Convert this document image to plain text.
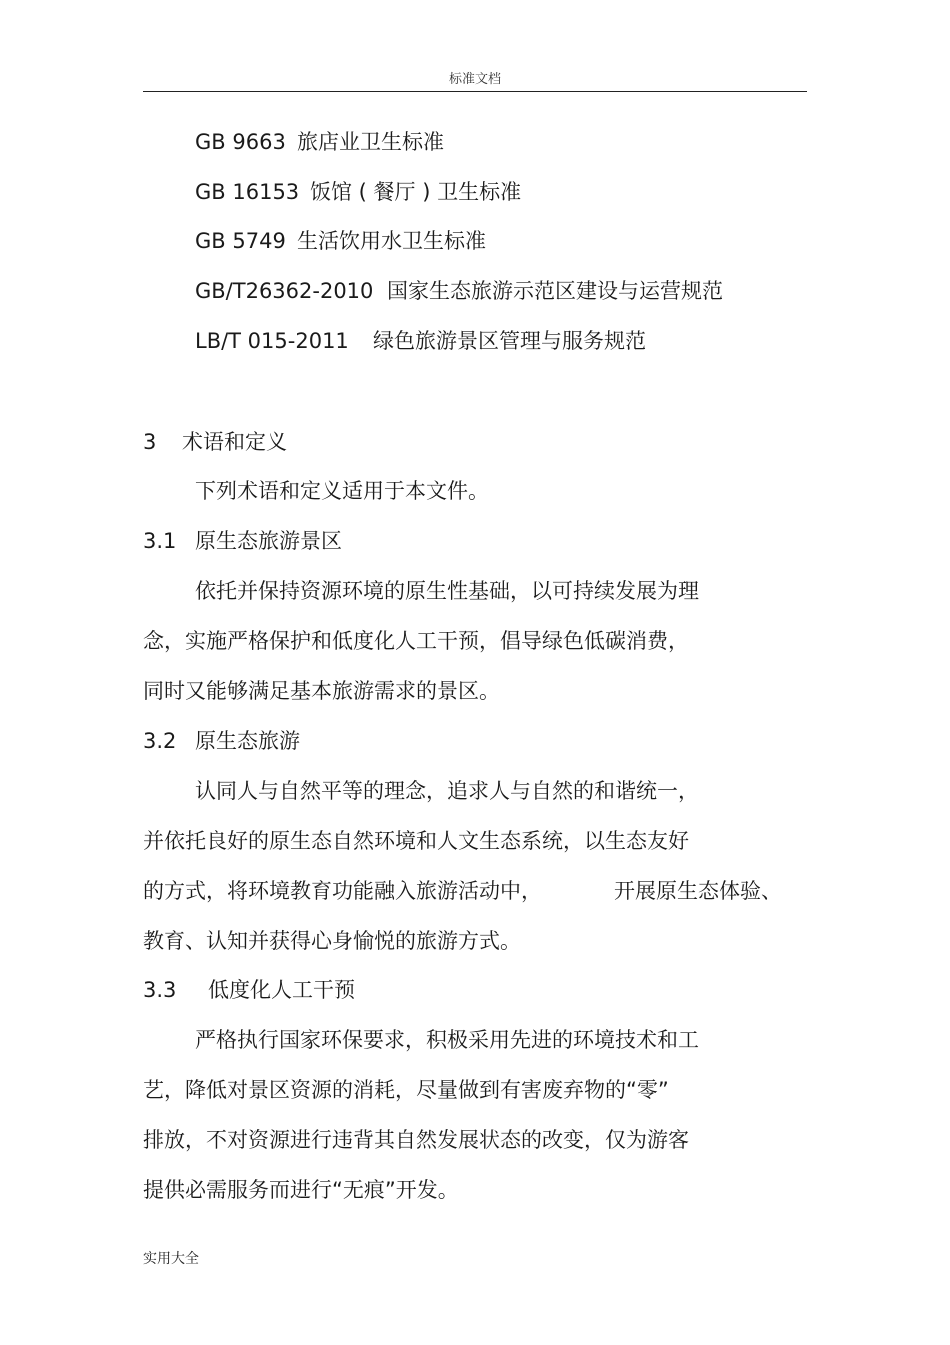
标准文档
GB 9663 旅店业卫生标准
GB 16153 饭馆 ( 餐厅 ) 卫生标准
GB 5749 生活饮用水卫生标准
GB/T26362-2010 国家生态旅游示范区建设与运营规范
LB/T 015-2011 绿色旅游景区管理与服务规范
3 术语和定义
下列术语和定义适用于本文件。
3.1 原生态旅游景区
依托并保持资源环境的原生性基础，以可持续发展为理
念，实施严格保护和低度化人工干预，倡导绿色低碳消费，
同时又能够满足基本旅游需求的景区。
3.2 原生态旅游
认同人与自然平等的理念，追求人与自然的和谐统一，
并依托良好的原生态自然环境和人文生态系统，以生态友好
的方式，将环境教育功能融入旅游活动中，	开展原生态体验、
教育、认知并获得心身愉悦的旅游方式。
3.3 低度化人工干预
严格执行国家环保要求，积极采用先进的环境技术和工
艺，降低对景区资源的消耗，尽量做到有害废弃物的“零”
排放，不对资源进行违背其自然发展状态的改变，仅为游客
提供必需服务而进行“无痕”开发。
实用大全
